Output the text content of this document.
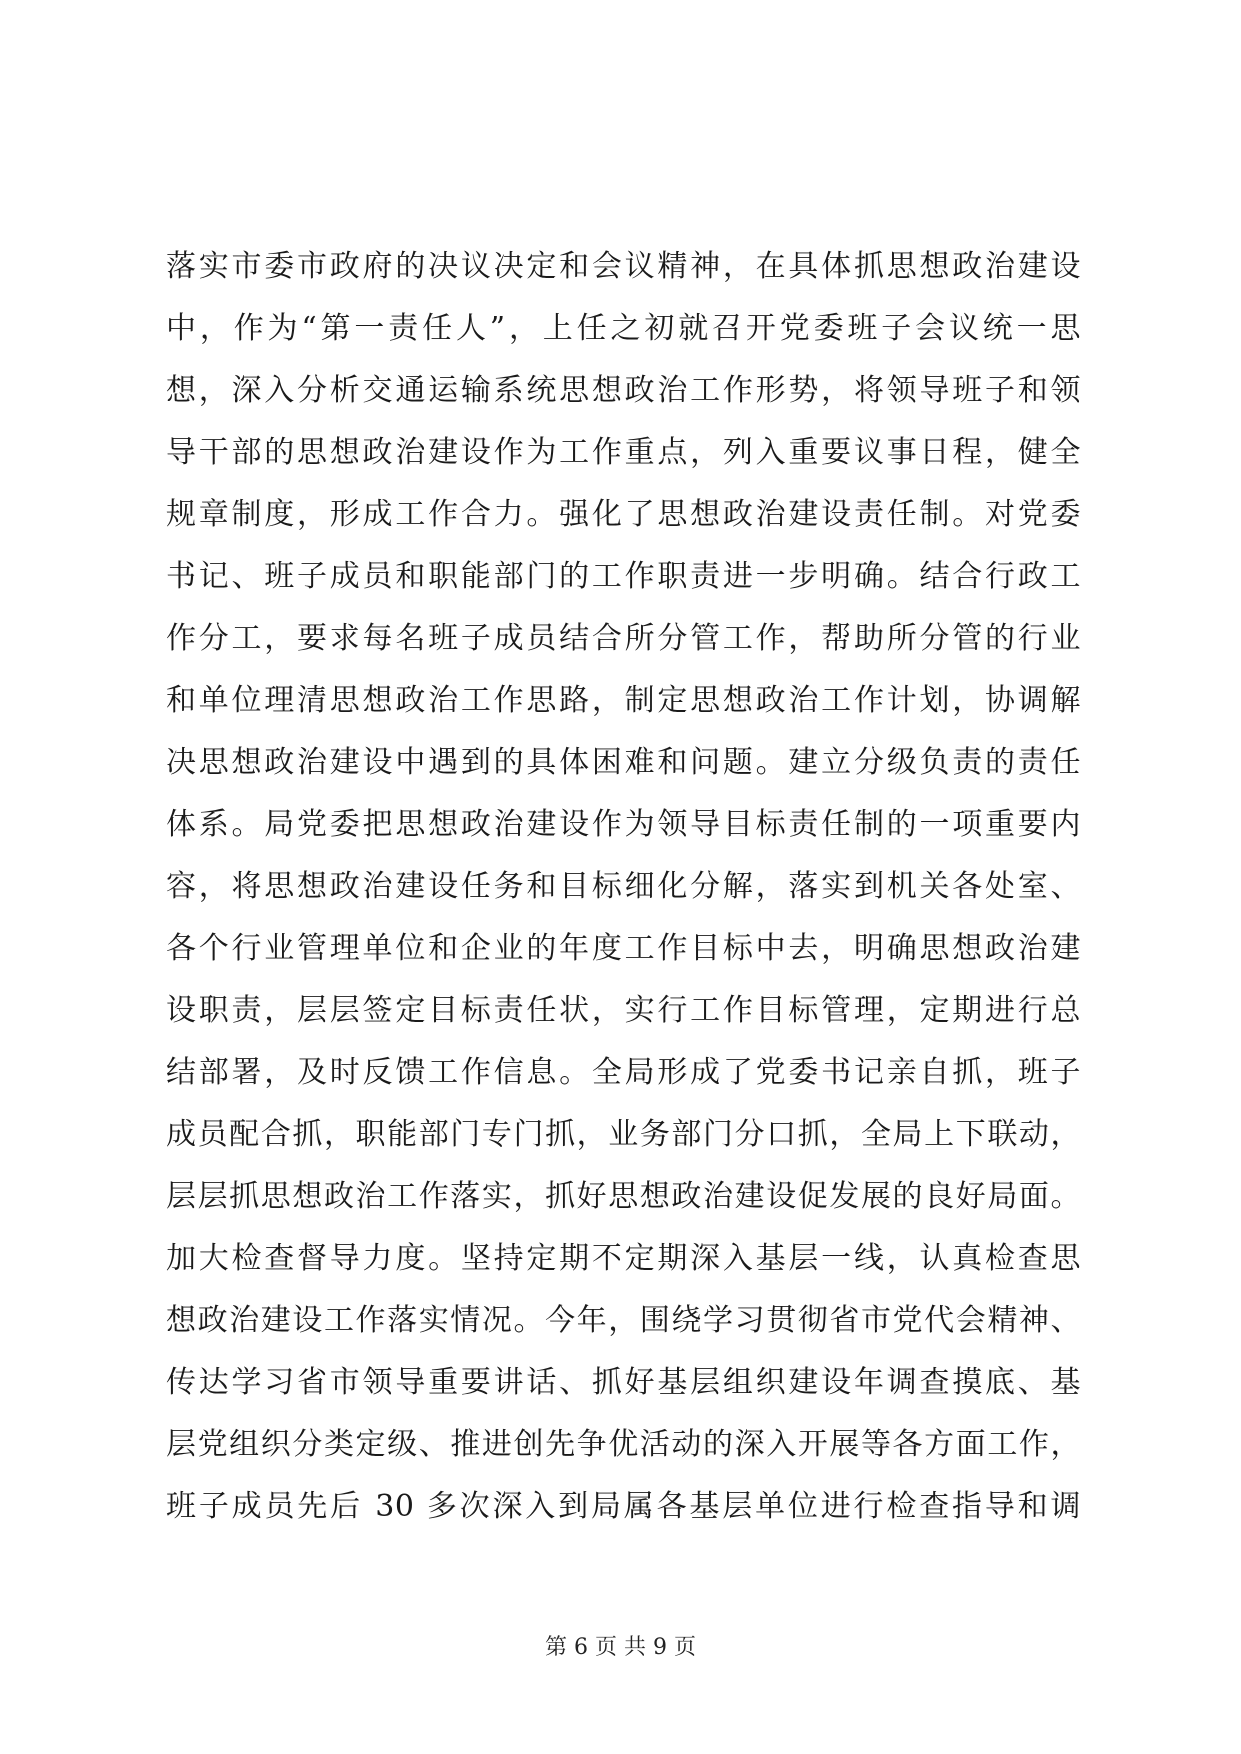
落实市委市政府的决议决定和会议精神，在具体抓思想政治建设
中，作为“第一责任人”，上任之初就召开党委班子会议统一思
想，深入分析交通运输系统思想政治工作形势，将领导班子和领
导干部的思想政治建设作为工作重点，列入重要议事日程，健全
规章制度，形成工作合力。强化了思想政治建设责任制。对党委
书记、班子成员和职能部门的工作职责进一步明确。结合行政工
作分工，要求每名班子成员结合所分管工作，帮助所分管的行业
和单位理清思想政治工作思路，制定思想政治工作计划，协调解
决思想政治建设中遇到的具体困难和问题。建立分级负责的责任
体系。局党委把思想政治建设作为领导目标责任制的一项重要内
容，将思想政治建设任务和目标细化分解，落实到机关各处室、
各个行业管理单位和企业的年度工作目标中去，明确思想政治建
设职责，层层签定目标责任状，实行工作目标管理，定期进行总
结部署，及时反馈工作信息。全局形成了党委书记亲自抓，班子
成员配合抓，职能部门专门抓，业务部门分口抓，全局上下联动，
层层抓思想政治工作落实，抓好思想政治建设促发展的良好局面。
加大检查督导力度。坚持定期不定期深入基层一线，认真检查思
想政治建设工作落实情况。今年，围绕学习贯彻省市党代会精神、
传达学习省市领导重要讲话、抓好基层组织建设年调查摸底、基
层党组织分类定级、推进创先争优活动的深入开展等各方面工作，
班子成员先后 30 多次深入到局属各基层单位进行检查指导和调
第 6 页 共 9 页
